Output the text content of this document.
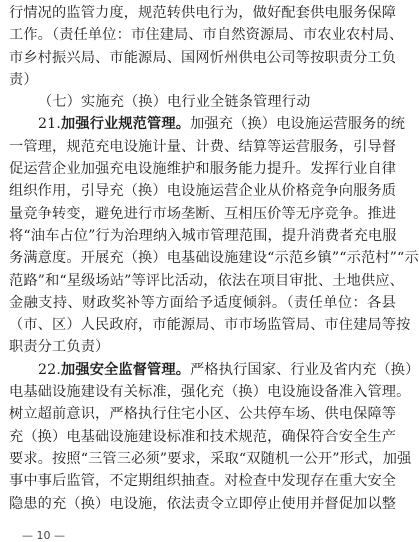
行情况的监管力度，规范转供电行为，做好配套供电服务保障
工作。（责任单位：市住建局、市自然资源局、市农业农村局、
市乡村振兴局、市能源局、国网忻州供电公司等按职责分工负
责）
（七）实施充（换）电行业全链条管理行动
21.加强行业规范管理。加强充（换）电设施运营服务的统
一管理，规范充电设施计量、计费、结算等运营服务，引导督
促运营企业加强充电设施维护和服务能力提升。发挥行业自律
组织作用，引导充（换）电设施运营企业从价格竞争向服务质
量竞争转变，避免进行市场垄断、互相压价等无序竞争。推进
将“油车占位”行为治理纳入城市管理范围，提升消费者充电服
务满意度。开展充（换）电基础设施建设“示范乡镇”“示范村”“示
范路”和“星级场站”等评比活动，依法在项目审批、土地供应、
金融支持、财政奖补等方面给予适度倾斜。（责任单位：各县
（市、区）人民政府，市能源局、市市场监管局、市住建局等按
职责分工负责）
22.加强安全监督管理。严格执行国家、行业及省内充（换）
电基础设施建设有关标准，强化充（换）电设施设备准入管理。
树立超前意识，严格执行住宅小区、公共停车场、供电保障等
充（换）电基础设施建设标准和技术规范，确保符合安全生产
要求。按照“三管三必须”要求，采取“双随机一公开”形式，加强
事中事后监管，不定期组织抽查。对检查中发现存在重大安全
隐患的充（换）电设施，依法责令立即停止使用并督促加以整
— 10 —
